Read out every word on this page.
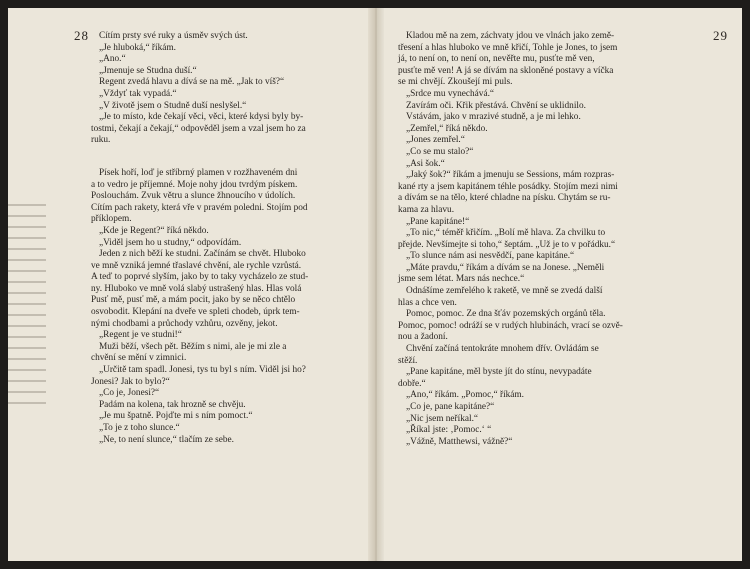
28	Cítím prsty své ruky a úsměv svých úst.
„Je hluboká,“ říkám.
„Ano.“
„Jmenuje se Studna duší.“
Regent zvedá hlavu a dívá se na mě. „Jak to víš?“
„Vždyť tak vypadá.“
„V životě jsem o Studně duší neslyšel.“
„Je to místo, kde čekají věci, věci, které kdysi byly by-
tostmi, čekají a čekají,“ odpověděl jsem a vzal jsem ho za
ruku.
Písek hoří, loď je stříbrný plamen v rozžhaveném dni
a to vedro je příjemné. Moje nohy jdou tvrdým pískem.
Poslouchám. Zvuk větru a slunce žhnoucího v údolích.
Cítím pach rakety, která vře v pravém poledni. Stojím pod
příklopem.
„Kde je Regent?“ říká někdo.
„Viděl jsem ho u studny,“ odpovídám.
Jeden z nich běží ke studni. Začínám se chvět. Hluboko
ve mně vzniká jemné třaslavé chvění, ale rychle vzrůstá.
A teď to poprvé slyším, jako by to taky vycházelo ze stud-
ny. Hluboko ve mně volá slabý ustrašený hlas. Hlas volá
Pusť mě, pusť mě, a mám pocit, jako by se něco chtělo
osvobodit. Klepání na dveře ve spleti chodeb, úprk tem-
nými chodbami a průchody vzhůru, ozvěny, jekot.
„Regent je ve studni!“
Muži běží, všech pět. Běžím s nimi, ale je mi zle a
chvění se mění v zimnici.
„Určitě tam spadl. Jonesi, tys tu byl s ním. Viděl jsi ho?
Jonesi? Jak to bylo?“
„Co je, Jonesi?“
Padám na kolena, tak hrozně se chvěju.
„Je mu špatně. Pojďte mi s ním pomoct.“
„To je z toho slunce.“
„Ne, to není slunce,“ tlačím ze sebe.
29
Kladou mě na zem, záchvaty jdou ve vlnách jako země-
třesení a hlas hluboko ve mně křičí, Tohle je Jones, to jsem
já, to není on, to není on, nevěřte mu, pusťte mě ven,
pusťte mě ven! A já se dívám na skloněné postavy a víčka
se mi chvějí. Zkoušejí mi puls.
„Srdce mu vynechává.“
Zavírám oči. Křik přestává. Chvění se uklidnilo.
Vstávám, jako v mrazivé studně, a je mi lehko.
„Zemřel,“ říká někdo.
„Jones zemřel.“
„Co se mu stalo?“
„Asi šok.“
„Jaký šok?“ říkám a jmenuju se Sessions, mám rozpras-
kané rty a jsem kapitánem téhle posádky. Stojím mezi nimi
a dívám se na tělo, které chladne na písku. Chytám se ru-
kama za hlavu.
„Pane kapitáne!“
„To nic,“ téměř křičím. „Bolí mě hlava. Za chvilku to
přejde. Nevšímejte si toho,“ šeptám. „Už je to v pořádku.“
„To slunce nám asi nesvědčí, pane kapitáne.“
„Máte pravdu,“ říkám a dívám se na Jonese. „Neměli
jsme sem létat. Mars nás nechce.“
Odnášíme zemřelého k raketě, ve mně se zvedá další
hlas a chce ven.
Pomoc, pomoc. Ze dna šťáv pozemských orgánů těla.
Pomoc, pomoc! odráží se v rudých hlubinách, vrací se ozvě-
nou a žadoní.
Chvění začíná tentokráte mnohem dřív. Ovládám se
stěží.
„Pane kapitáne, měl byste jít do stínu, nevypadáte
dobře.“
„Ano,“ říkám. „Pomoc,“ říkám.
„Co je, pane kapitáne?“
„Nic jsem neříkal.“
„Říkal jste: ‚Pomoc.‘ “
„Vážně, Matthewsi, vážně?“
